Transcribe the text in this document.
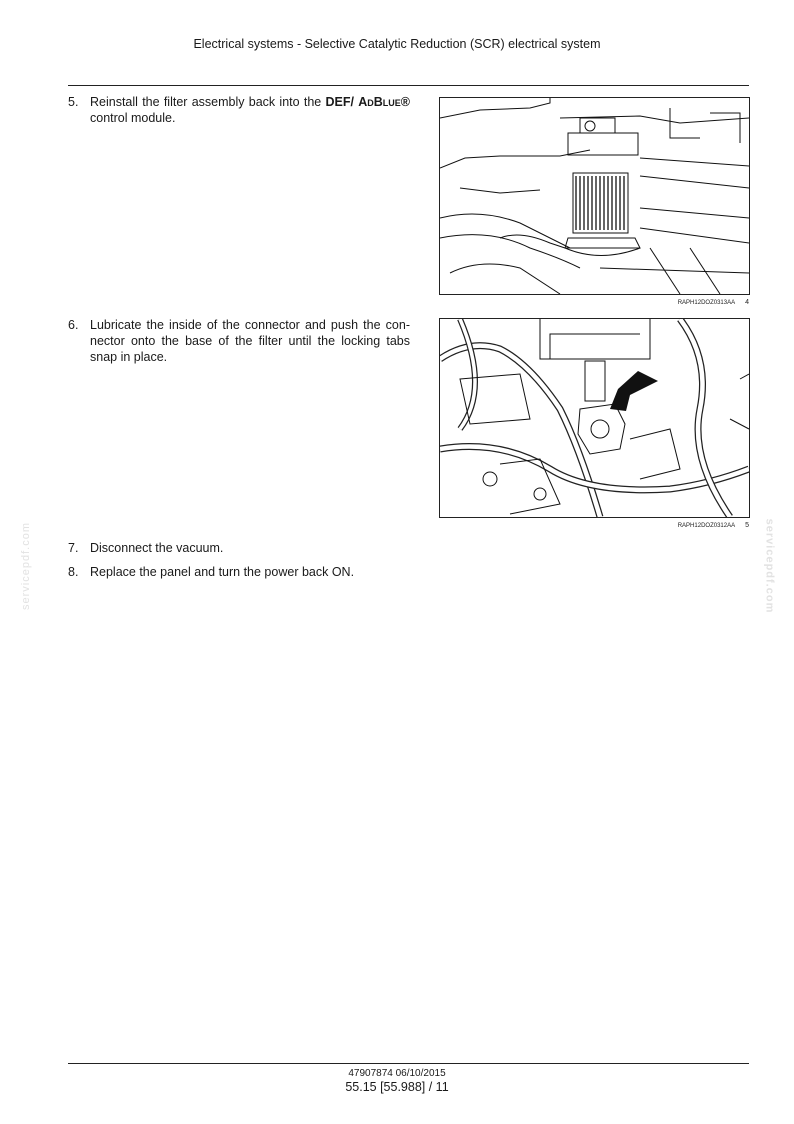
Electrical systems - Selective Catalytic Reduction (SCR) electrical system
5. Reinstall the filter assembly back into the DEF/ AdBlue® control module.
RAPH12DOZ0313AA 4
6. Lubricate the inside of the connector and push the con-nector onto the base of the filter until the locking tabs snap in place.
RAPH12DOZ0312AA 5
7. Disconnect the vacuum.
8. Replace the panel and turn the power back ON.
servicepdf.com	servicepdf.com
47907874 06/10/2015
55.15 [55.988] / 11
